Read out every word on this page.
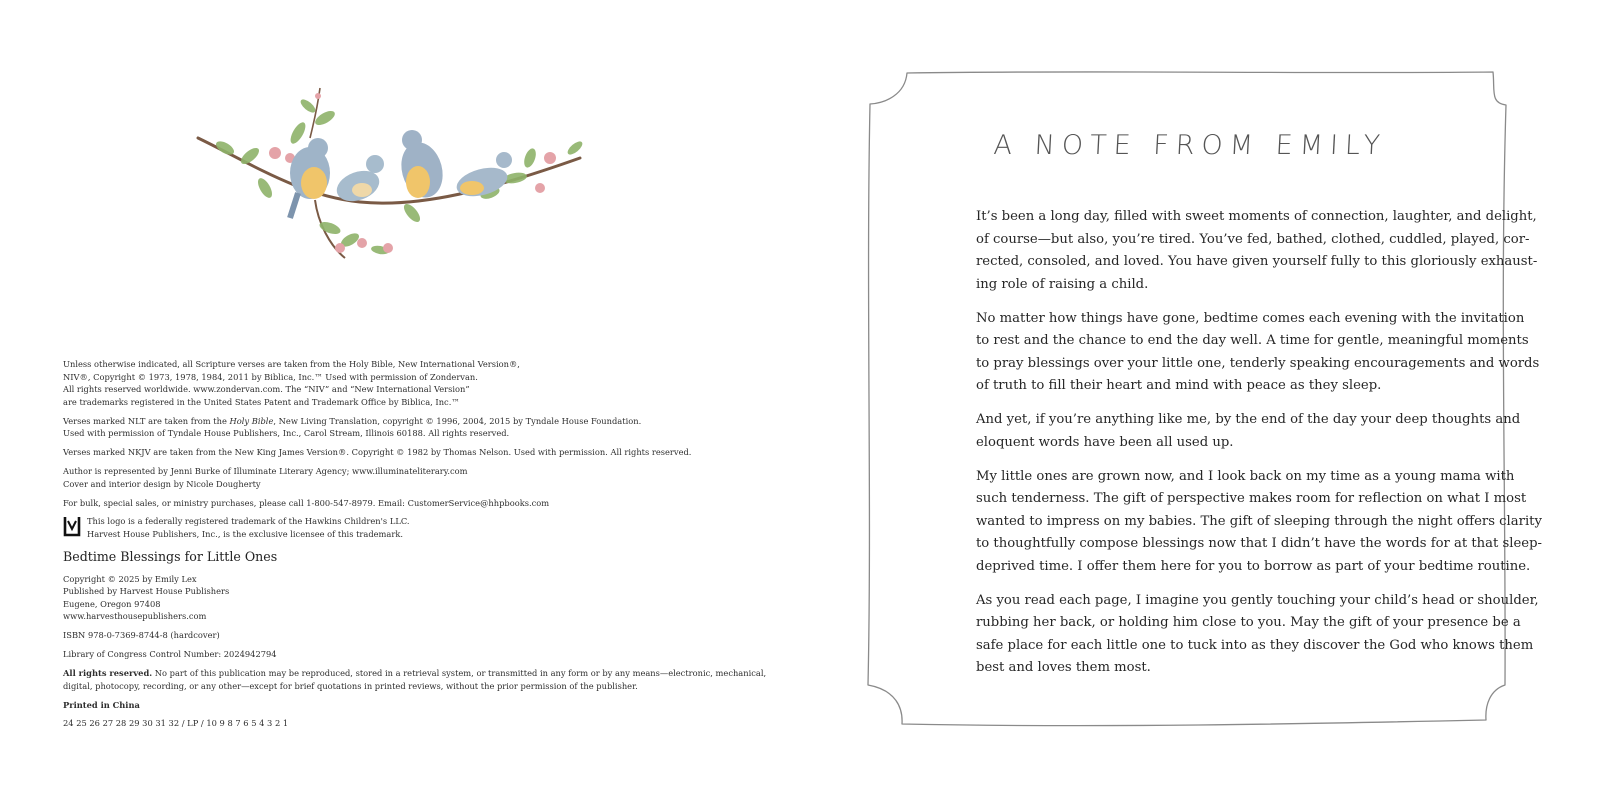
Unless otherwise indicated, all Scripture verses are taken from the Holy Bible, New International Version®,
NIV®, Copyright © 1973, 1978, 1984, 2011 by Biblica, Inc.™ Used with permission of Zondervan.
All rights reserved worldwide. www.zondervan.com. The “NIV” and “New International Version”
are trademarks registered in the United States Patent and Trademark Office by Biblica, Inc.™

Verses marked NLT are taken from the Holy Bible, New Living Translation, copyright © 1996, 2004, 2015 by Tyndale House Foundation.
Used with permission of Tyndale House Publishers, Inc., Carol Stream, Illinois 60188. All rights reserved.

Verses marked NKJV are taken from the New King James Version®. Copyright © 1982 by Thomas Nelson. Used with permission. All rights reserved.

Author is represented by Jenni Burke of Illuminate Literary Agency; www.illuminateliterary.com
Cover and interior design by Nicole Dougherty

For bulk, special sales, or ministry purchases, please call 1-800-547-8979. Email: CustomerService@hhpbooks.com

This logo is a federally registered trademark of the Hawkins Children's LLC.
Harvest House Publishers, Inc., is the exclusive licensee of this trademark.

Bedtime Blessings for Little Ones

Copyright © 2025 by Emily Lex
Published by Harvest House Publishers
Eugene, Oregon 97408
www.harvesthousepublishers.com

ISBN 978-0-7369-8744-8 (hardcover)

Library of Congress Control Number: 2024942794

All rights reserved. No part of this publication may be reproduced, stored in a retrieval system, or transmitted in any form or by any means—electronic, mechanical,
digital, photocopy, recording, or any other—except for brief quotations in printed reviews, without the prior permission of the publisher.

Printed in China

24 25 26 27 28 29 30 31 32 / LP / 10 9 8 7 6 5 4 3 2 1

A NOTE FROM EMILY

It’s been a long day, filled with sweet moments of connection, laughter, and delight,
of course—but also, you’re tired. You’ve fed, bathed, clothed, cuddled, played, cor-
rected, consoled, and loved. You have given yourself fully to this gloriously exhaust-
ing role of raising a child.

No matter how things have gone, bedtime comes each evening with the invitation
to rest and the chance to end the day well. A time for gentle, meaningful moments
to pray blessings over your little one, tenderly speaking encouragements and words
of truth to fill their heart and mind with peace as they sleep.

And yet, if you’re anything like me, by the end of the day your deep thoughts and
eloquent words have been all used up.

My little ones are grown now, and I look back on my time as a young mama with
such tenderness. The gift of perspective makes room for reflection on what I most
wanted to impress on my babies. The gift of sleeping through the night offers clarity
to thoughtfully compose blessings now that I didn’t have the words for at that sleep-
deprived time. I offer them here for you to borrow as part of your bedtime routine.

As you read each page, I imagine you gently touching your child’s head or shoulder,
rubbing her back, or holding him close to you. May the gift of your presence be a
safe place for each little one to tuck into as they discover the God who knows them
best and loves them most.
